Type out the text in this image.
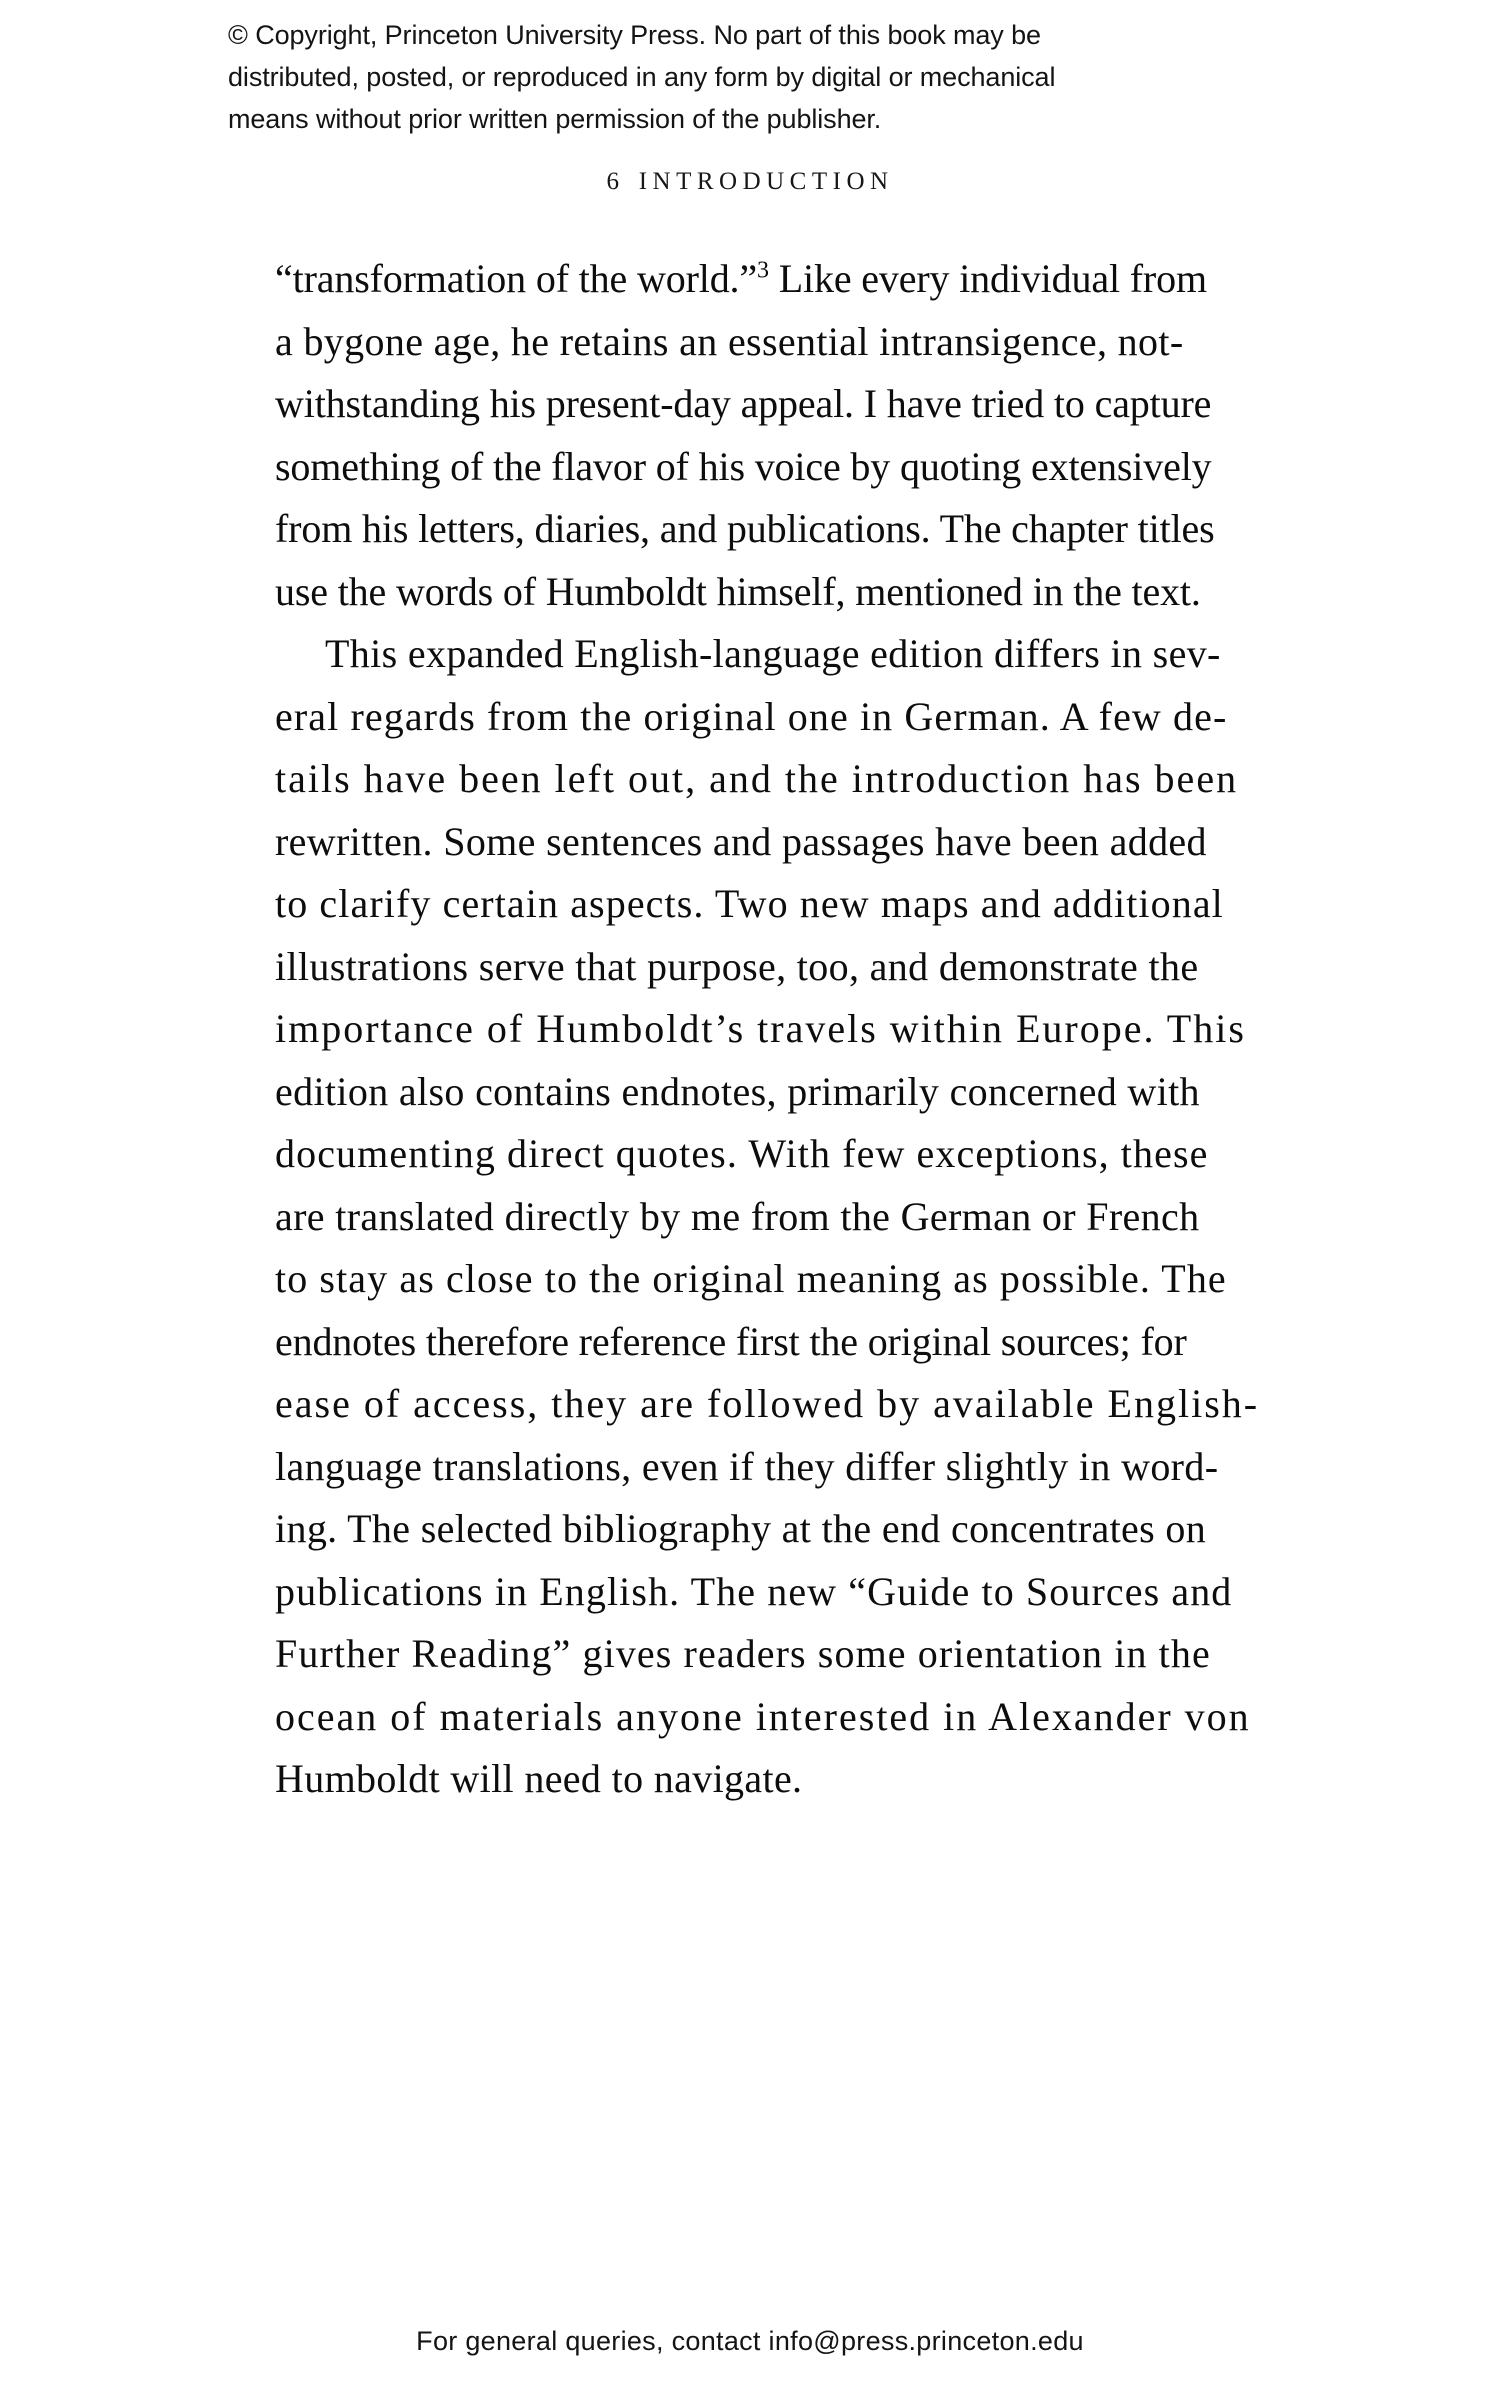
© Copyright, Princeton University Press. No part of this book may be
distributed, posted, or reproduced in any form by digital or mechanical
means without prior written permission of the publisher.
6 INTRODUCTION
“transformation of the world.”$^3$ Like every individual from
a bygone age, he retains an essential intransigence, not-
withstanding his present-day appeal. I have tried to capture
something of the flavor of his voice by quoting extensively
from his letters, diaries, and publications. The chapter titles
use the words of Humboldt himself, mentioned in the text.
This expanded English-language edition differs in sev-
eral regards from the original one in German. A few de-
tails have been left out, and the introduction has been
rewritten. Some sentences and passages have been added
to clarify certain aspects. Two new maps and additional
illustrations serve that purpose, too, and demonstrate the
importance of Humboldt’s travels within Europe. This
edition also contains endnotes, primarily concerned with
documenting direct quotes. With few exceptions, these
are translated directly by me from the German or French
to stay as close to the original meaning as possible. The
endnotes therefore reference first the original sources; for
ease of access, they are followed by available English-
language translations, even if they differ slightly in word-
ing. The selected bibliography at the end concentrates on
publications in English. The new “Guide to Sources and
Further Reading” gives readers some orientation in the
ocean of materials anyone interested in Alexander von
Humboldt will need to navigate.
For general queries, contact info@press.princeton.edu
